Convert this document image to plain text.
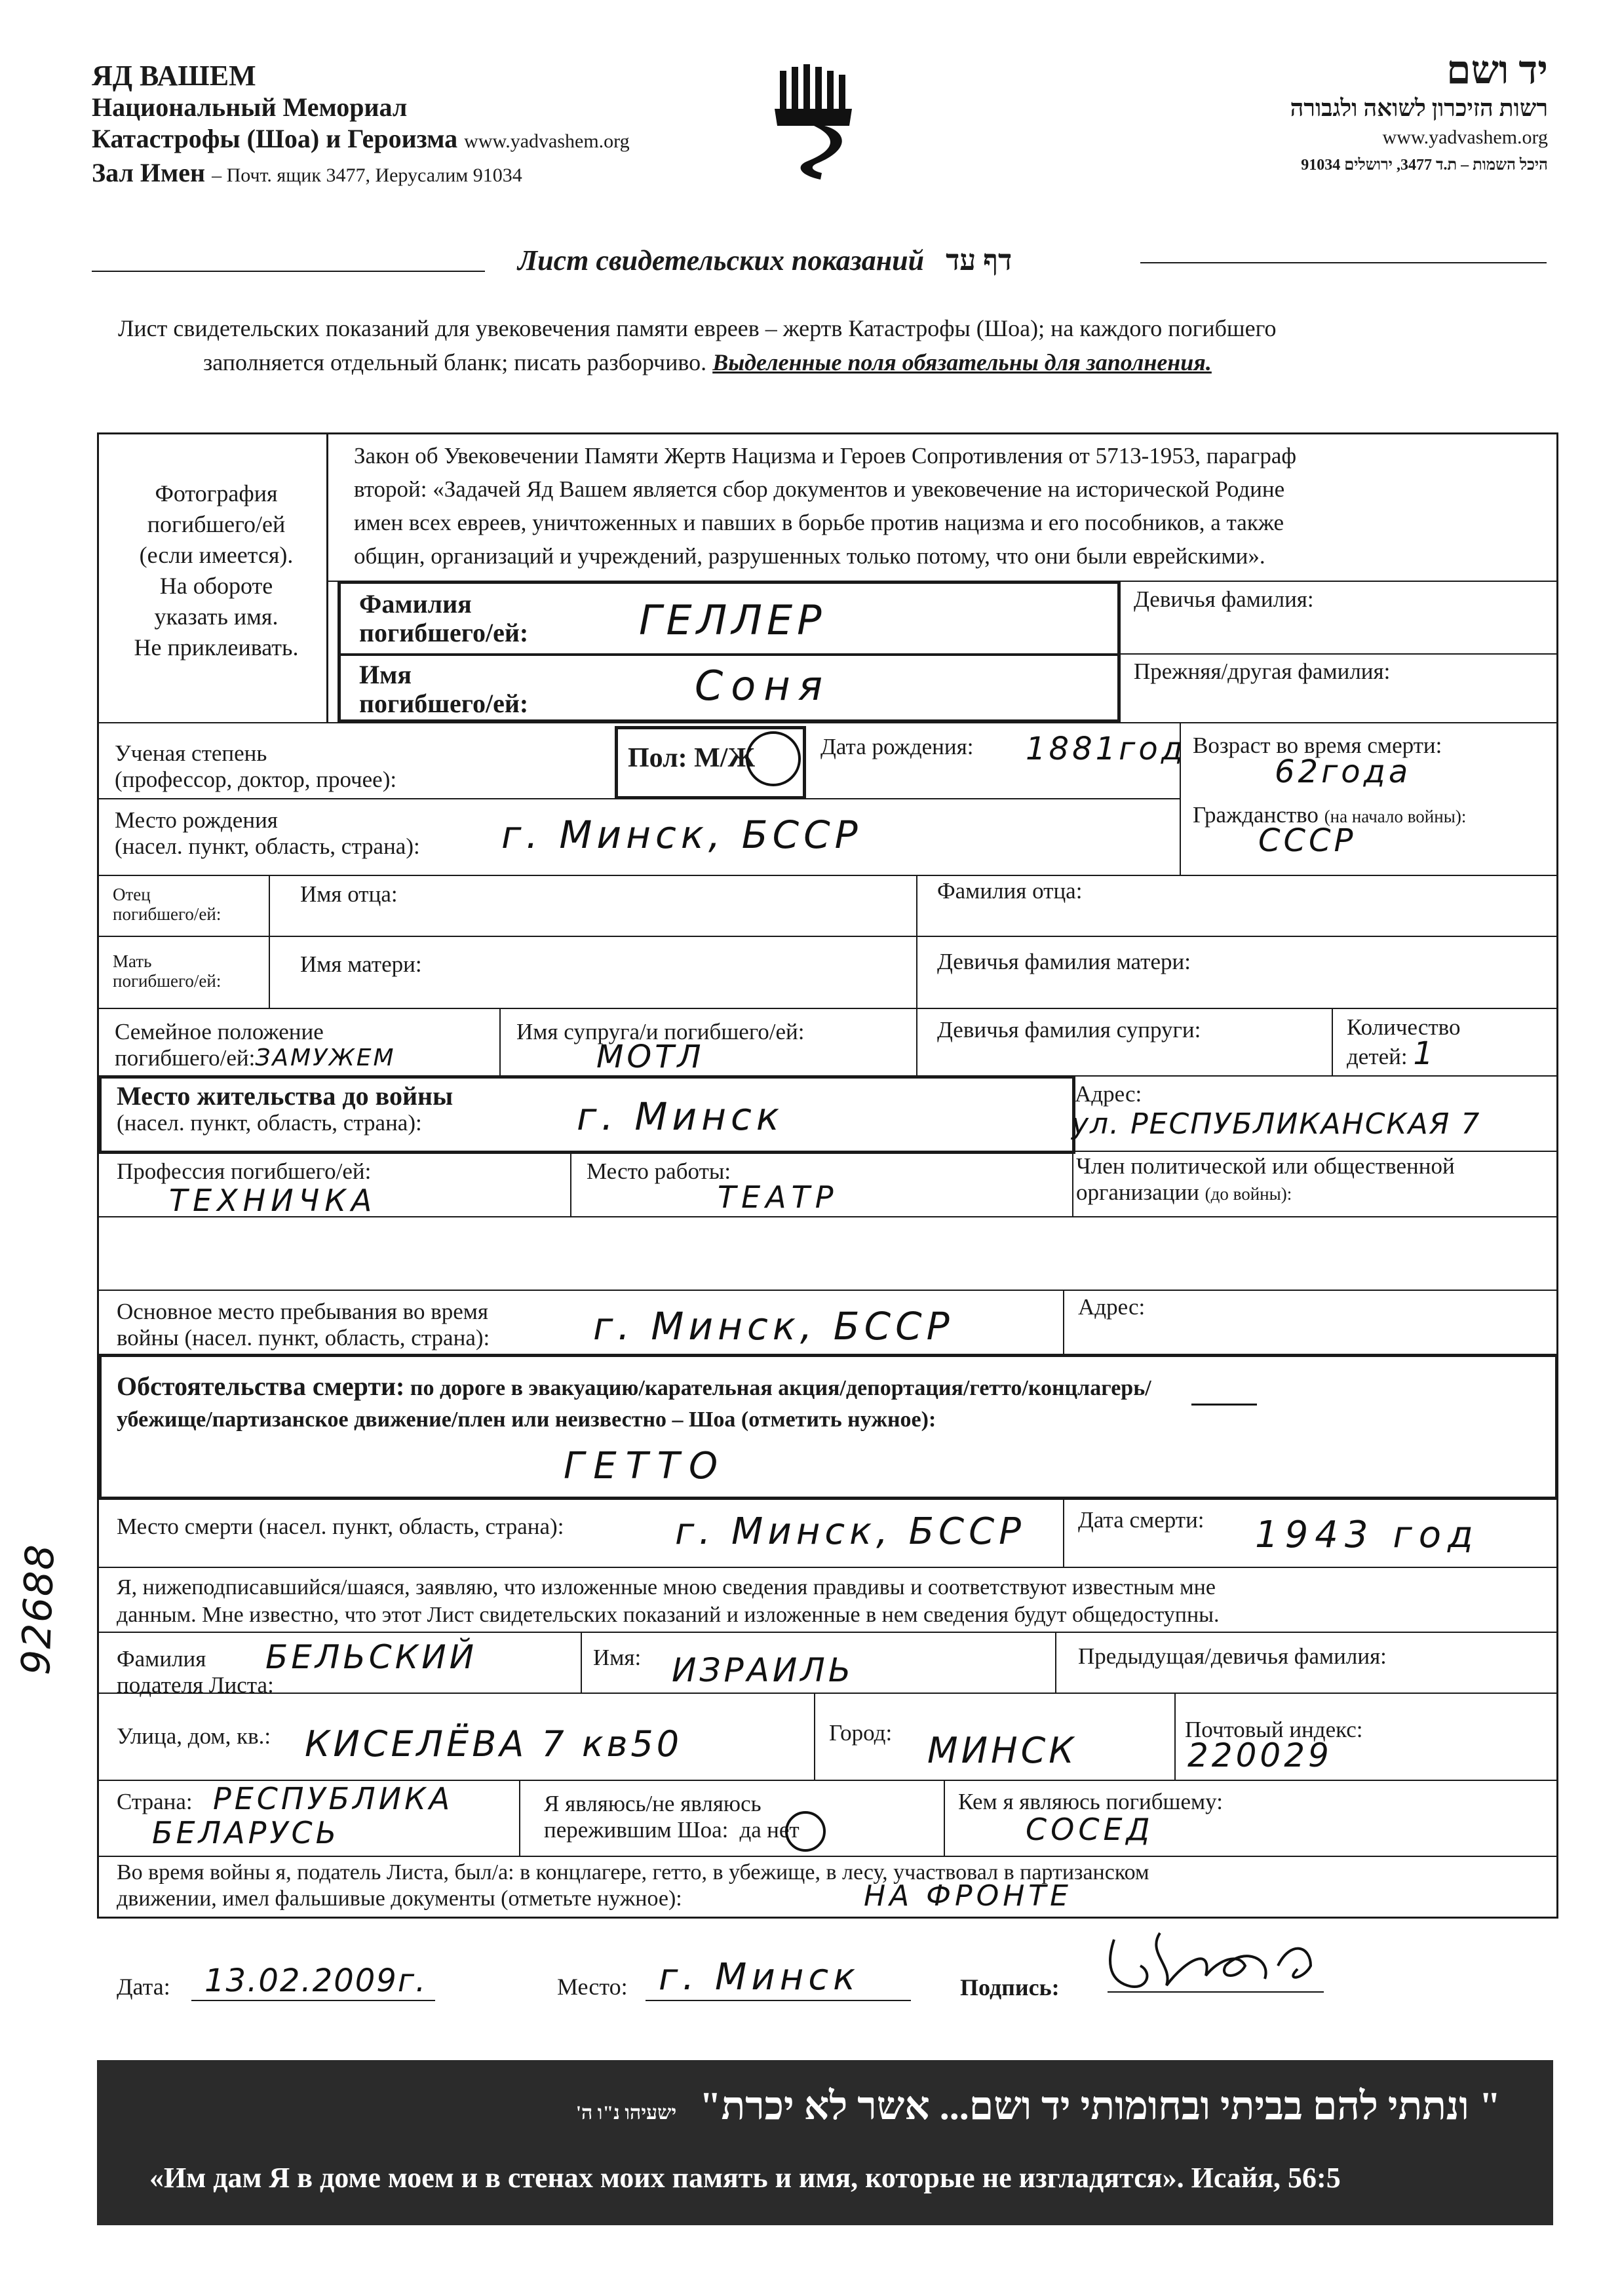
ЯД ВАШЕМ
Национальный Мемориал
Катастрофы (Шоа) и Героизма www.yadvashem.org
Зал Имен – Почт. ящик 3477, Иерусалим 91034
יד ושם
רשות הזיכרון לשואה ולגבורה
www.yadvashem.org
היכל השמות – ת.ד 3477, ירושלים 91034
Лист свидетельских показаний דף עד
Лист свидетельских показаний для увековечения памяти евреев – жертв Катастрофы (Шоа); на каждого погибшего
заполняется отдельный бланк; писать разборчиво. Выделенные поля обязательны для заполнения.
Фотография
погибшего/ей
(если имеется).
На обороте
указать имя.
Не приклеивать.
Закон об Увековечении Памяти Жертв Нацизма и Героев Сопротивления от 5713-1953, параграф
второй: «Задачей Яд Вашем является сбор документов и увековечение на исторической Родине
имен всех евреев, уничтоженных и павших в борьбе против нацизма и его пособников, а также
общин, организаций и учреждений, разрушенных только потому, что они были еврейскими».
Фамилия
погибшего/ей:	ГЕЛЛЕР	Девичья фамилия:
Имя
погибшего/ей:	Соня	Прежняя/другая фамилия:
Ученая степень
(профессор, доктор, прочее):
Пол: М/Ж	Дата рождения: 1881год Возраст во время смерти:
62года
Место рождения
(насел. пункт, область, страна): г. Минск, БССР	Гражданство (на начало войны):
СССР
Отец
погибшего/ей:
Имя отца:	Фамилия отца:
Мать
погибшего/ей:
Имя матери:	Девичья фамилия матери:
Семейное положение
погибшего/ей:ЗАМУЖЕМ
Имя супруга/и погибшего/ей:
МОТЛ
Девичья фамилия супруги:	Количество
детей: 1
Место жительства до войны
(насел. пункт, область, страна):	г. Минск
Адрес:
ул. РЕСПУБЛИКАНСКАЯ 7
Профессия погибшего/ей:
ТЕХНИЧКА
Место работы:
ТЕАТР
Член политической или общественной
организации (до войны):
Основное место пребывания во время
войны (насел. пункт, область, страна):	г. Минск, БССР	Адрес:
Обстоятельства смерти: по дороге в эвакуацию/карательная акция/депортация/гетто/концлагерь/
убежище/партизанское движение/плен или неизвестно – Шоа (отметить нужное):
ГЕТТО
Место смерти (насел. пункт, область, страна):	г. Минск, БССР Дата смерти: 1943 год
Я, нижеподписавшийся/шаяся, заявляю, что изложенные мною сведения правдивы и соответствуют известным мне
данным. Мне известно, что этот Лист свидетельских показаний и изложенные в нем сведения будут общедоступны.
Фамилия
подателя Листа:
БЕЛЬСКИЙ	Имя: ИЗРАИЛЬ	Предыдущая/девичья фамилия:
Улица, дом, кв.: КИСЕЛЁВА 7 кв50	Город: МИНСК
Почтовый индекс:
220029
Страна: РЕСПУБЛИКА
БЕЛАРУСЬ
Я являюсь/не являюсь
пережившим Шоа: да нет
Кем я являюсь погибшему:
СОСЕД
Во время войны я, податель Листа, был/а: в концлагере, гетто, в убежище, в лесу, участвовал в партизанском
движении, имел фальшивые документы (отметьте нужное):	НА ФРОНТЕ
Дата: 13.02.2009г.	Место: г. Минск	Подпись:
92688
" ונתתי להם בביתי ובחומותי יד ושם... אשר לא יכרת" ישעיהו נ"ו ה'
«Им дам Я в доме моем и в стенах моих память и имя, которые не изгладятся». Исайя, 56:5
